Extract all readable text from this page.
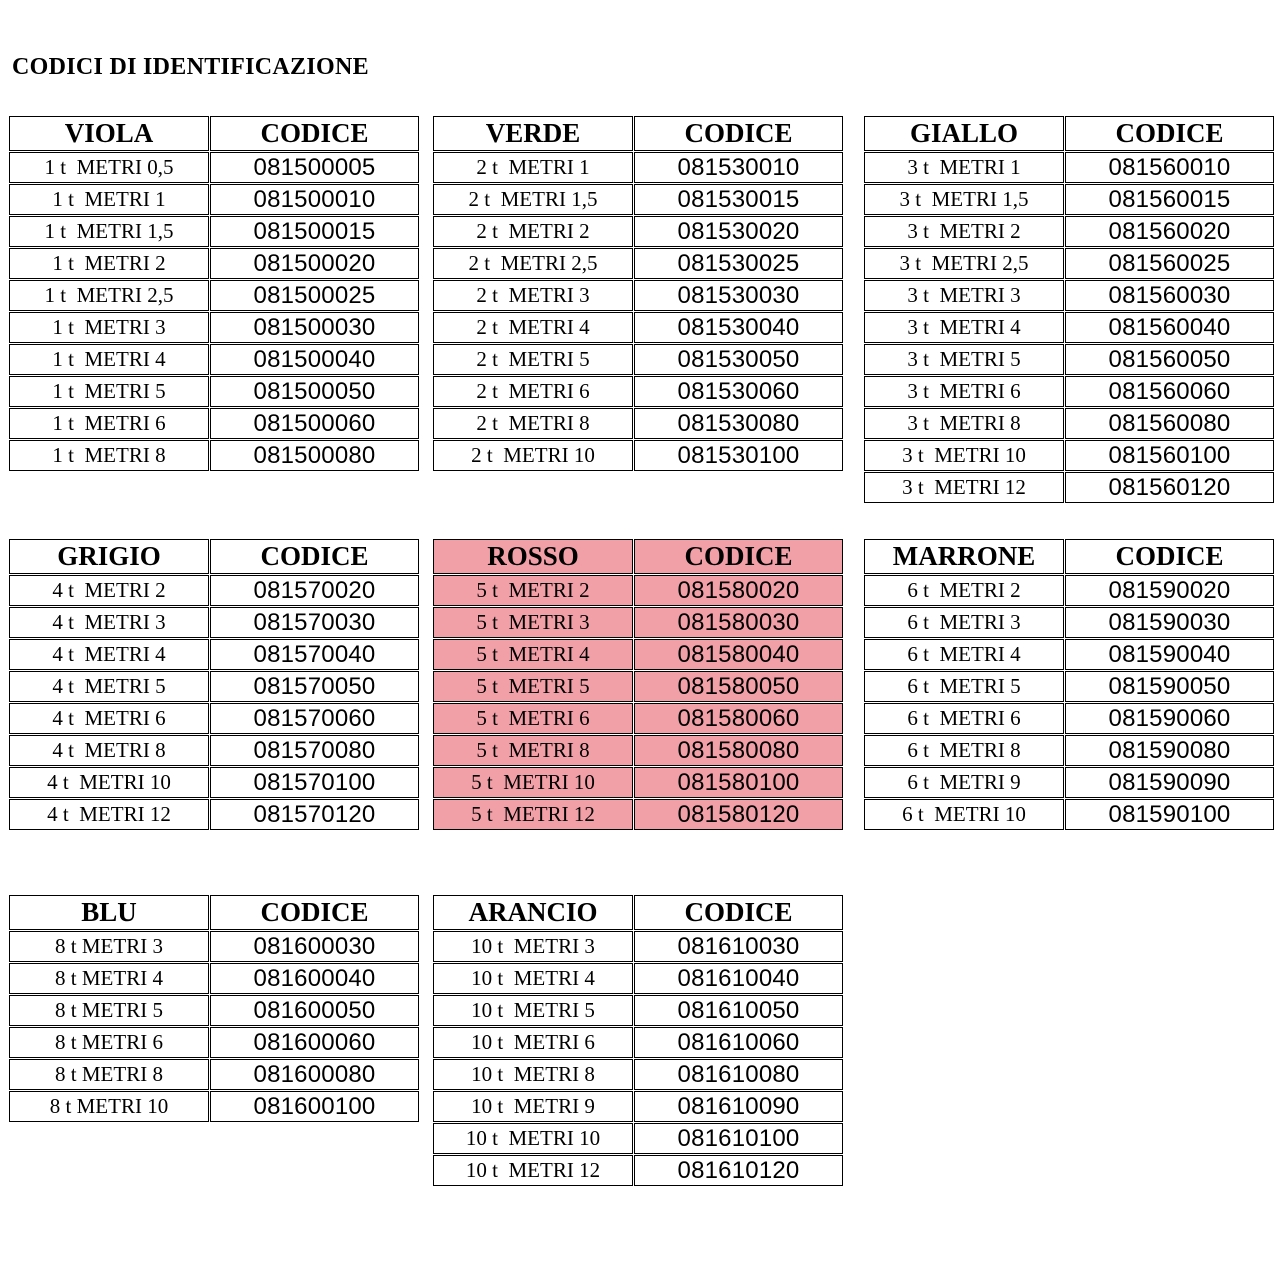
CODICI DI IDENTIFICAZIONE
VIOLA	CODICE
1 t  METRI 0,5	081500005
1 t  METRI 1	081500010
1 t  METRI 1,5	081500015
1 t  METRI 2	081500020
1 t  METRI 2,5	081500025
1 t  METRI 3	081500030
1 t  METRI 4	081500040
1 t  METRI 5	081500050
1 t  METRI 6	081500060
1 t  METRI 8	081500080
VERDE	CODICE
2 t  METRI 1	081530010
2 t  METRI 1,5	081530015
2 t  METRI 2	081530020
2 t  METRI 2,5	081530025
2 t  METRI 3	081530030
2 t  METRI 4	081530040
2 t  METRI 5	081530050
2 t  METRI 6	081530060
2 t  METRI 8	081530080
2 t  METRI 10	081530100
GIALLO	CODICE
3 t  METRI 1	081560010
3 t  METRI 1,5	081560015
3 t  METRI 2	081560020
3 t  METRI 2,5	081560025
3 t  METRI 3	081560030
3 t  METRI 4	081560040
3 t  METRI 5	081560050
3 t  METRI 6	081560060
3 t  METRI 8	081560080
3 t  METRI 10	081560100
3 t  METRI 12	081560120
GRIGIO	CODICE
4 t  METRI 2	081570020
4 t  METRI 3	081570030
4 t  METRI 4	081570040
4 t  METRI 5	081570050
4 t  METRI 6	081570060
4 t  METRI 8	081570080
4 t  METRI 10	081570100
4 t  METRI 12	081570120
ROSSO	CODICE
5 t  METRI 2	081580020
5 t  METRI 3	081580030
5 t  METRI 4	081580040
5 t  METRI 5	081580050
5 t  METRI 6	081580060
5 t  METRI 8	081580080
5 t  METRI 10	081580100
5 t  METRI 12	081580120
MARRONE	CODICE
6 t  METRI 2	081590020
6 t  METRI 3	081590030
6 t  METRI 4	081590040
6 t  METRI 5	081590050
6 t  METRI 6	081590060
6 t  METRI 8	081590080
6 t  METRI 9	081590090
6 t  METRI 10	081590100
BLU	CODICE
8 t METRI 3	081600030
8 t METRI 4	081600040
8 t METRI 5	081600050
8 t METRI 6	081600060
8 t METRI 8	081600080
8 t METRI 10	081600100
ARANCIO	CODICE
10 t  METRI 3	081610030
10 t  METRI 4	081610040
10 t  METRI 5	081610050
10 t  METRI 6	081610060
10 t  METRI 8	081610080
10 t  METRI 9	081610090
10 t  METRI 10	081610100
10 t  METRI 12	081610120
